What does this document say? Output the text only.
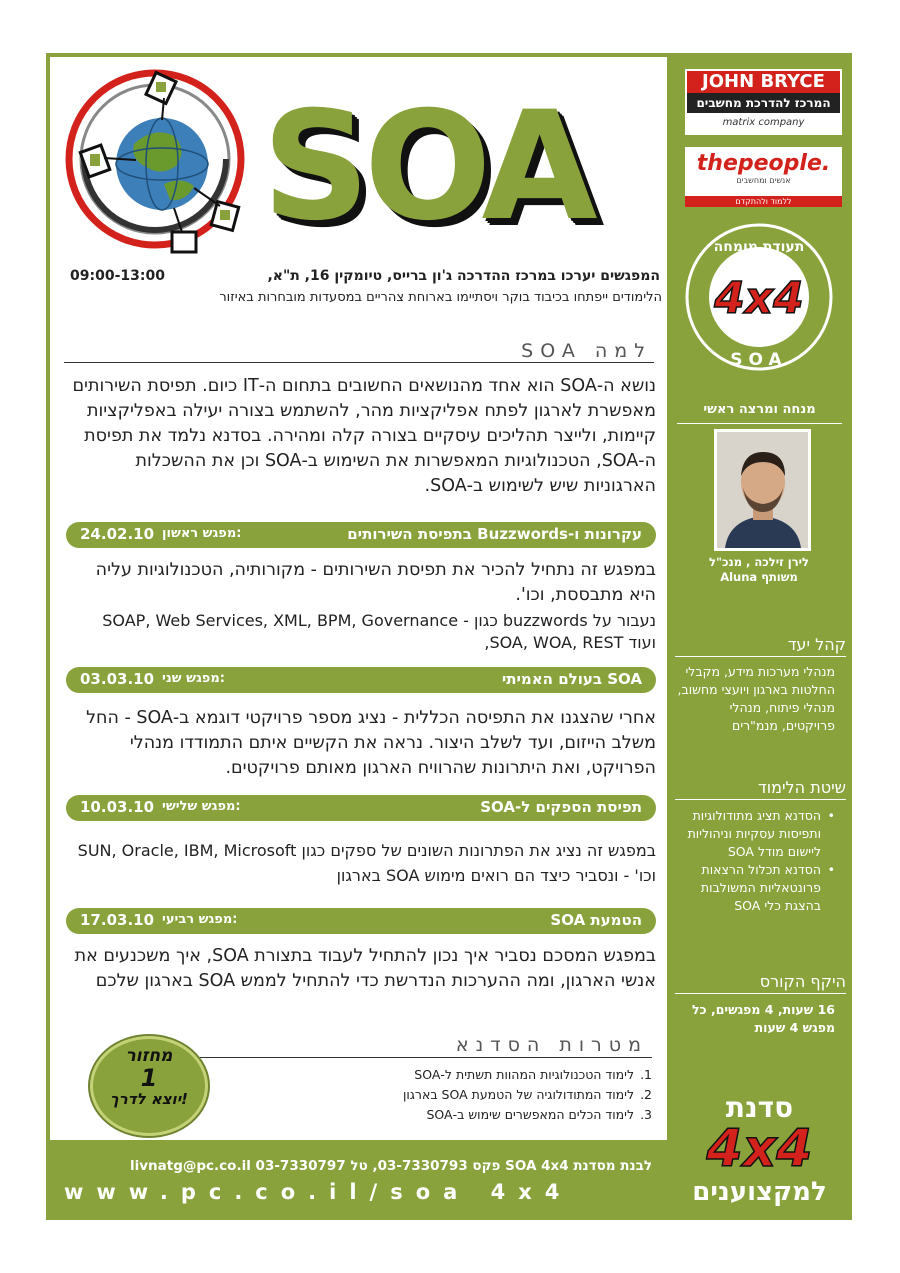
SOA
המפגשים יערכו במרכז ההדרכה ג'ון ברייס, טיומקין 16, ת"א,
09:00-13:00
הלימודים ייפתחו בכיבוד בוקר ויסתיימו בארוחת צהריים במסעדות מובחרות באיזור
למה SOA
נושא ה-SOA הוא אחד מהנושאים החשובים בתחום ה-IT כיום. תפיסת השירותים מאפשרת לארגון לפתח אפליקציות מהר, להשתמש בצורה יעילה באפליקציות קיימות, ולייצר תהליכים עיסקיים בצורה קלה ומהירה. בסדנא נלמד את תפיסת ה-SOA, הטכנולוגיות המאפשרות את השימוש ב-SOA וכן את ההשכלות הארגוניות שיש לשימוש ב-SOA.
עקרונות ו-Buzzwords בתפיסת השירותים
24.02.10 מפגש ראשון:
במפגש זה נתחיל להכיר את תפיסת השירותים - מקורותיה, הטכנולוגיות עליה היא מתבססת, וכו'.
נעבור על buzzwords כגון - SOAP, Web Services, XML, BPM, Governance
ועוד SOA, WOA, REST,
SOA בעולם האמיתי
03.03.10 מפגש שני:
אחרי שהצגנו את התפיסה הכללית - נציג מספר פרויקטי דוגמא ב-SOA - החל משלב הייזום, ועד לשלב היצור. נראה את הקשיים איתם התמודדו מנהלי הפרויקט, ואת היתרונות שהרוויח הארגון מאותם פרויקטים.
תפיסת הספקים ל-SOA
10.03.10 מפגש שלישי:
במפגש זה נציג את הפתרונות השונים של ספקים כגון SUN, Oracle, IBM, Microsoft וכו' - ונסביר כיצד הם רואים מימוש SOA בארגון
הטמעת SOA
17.03.10 מפגש רביעי:
במפגש המסכם נסביר איך נכון להתחיל לעבוד בתצורת SOA, איך משכנעים את אנשי הארגון, ומה ההערכות הנדרשת כדי להתחיל לממש SOA בארגון שלכם
מטרות הסדנא
1.
לימוד הטכנולוגיות המהוות תשתית ל-SOA
2.
לימוד המתודולוגיה של הטמעת SOA בארגון
3.
לימוד הכלים המאפשרים שימוש ב-SOA
מחזור
1
יוצא לדרך!
לבנת מסדנת SOA 4x4 פקס 03-7330793, טל 03-7330797 livnatg@pc.co.il
www.pc.co.il/soa 4x4
JOHN BRYCE
המרכז להדרכת מחשבים
matrix company
thepeople.
אנשים ומחשבים
ללמוד ולהתקדם
תעודת מומחה
4x4
SOA
מנחה ומרצה ראשי
לירן זילכה , מנכ"ל
משותף Aluna
קהל יעד
מנהלי מערכות מידע, מקבלי החלטות בארגון ויועצי מחשוב, מנהלי פיתוח, מנהלי פרויקטים, מנמ"רים
שיטת הלימוד
• הסדנא תציג מתודולוגיות ותפיסות עסקיות וניהוליות ליישום מודל SOA
• הסדנא תכלול הרצאות פרונטאליות המשולבות בהצגת כלי SOA
היקף הקורס
16 שעות, 4 מפגשים, כל מפגש 4 שעות
סדנת
4x4
למקצוענים
